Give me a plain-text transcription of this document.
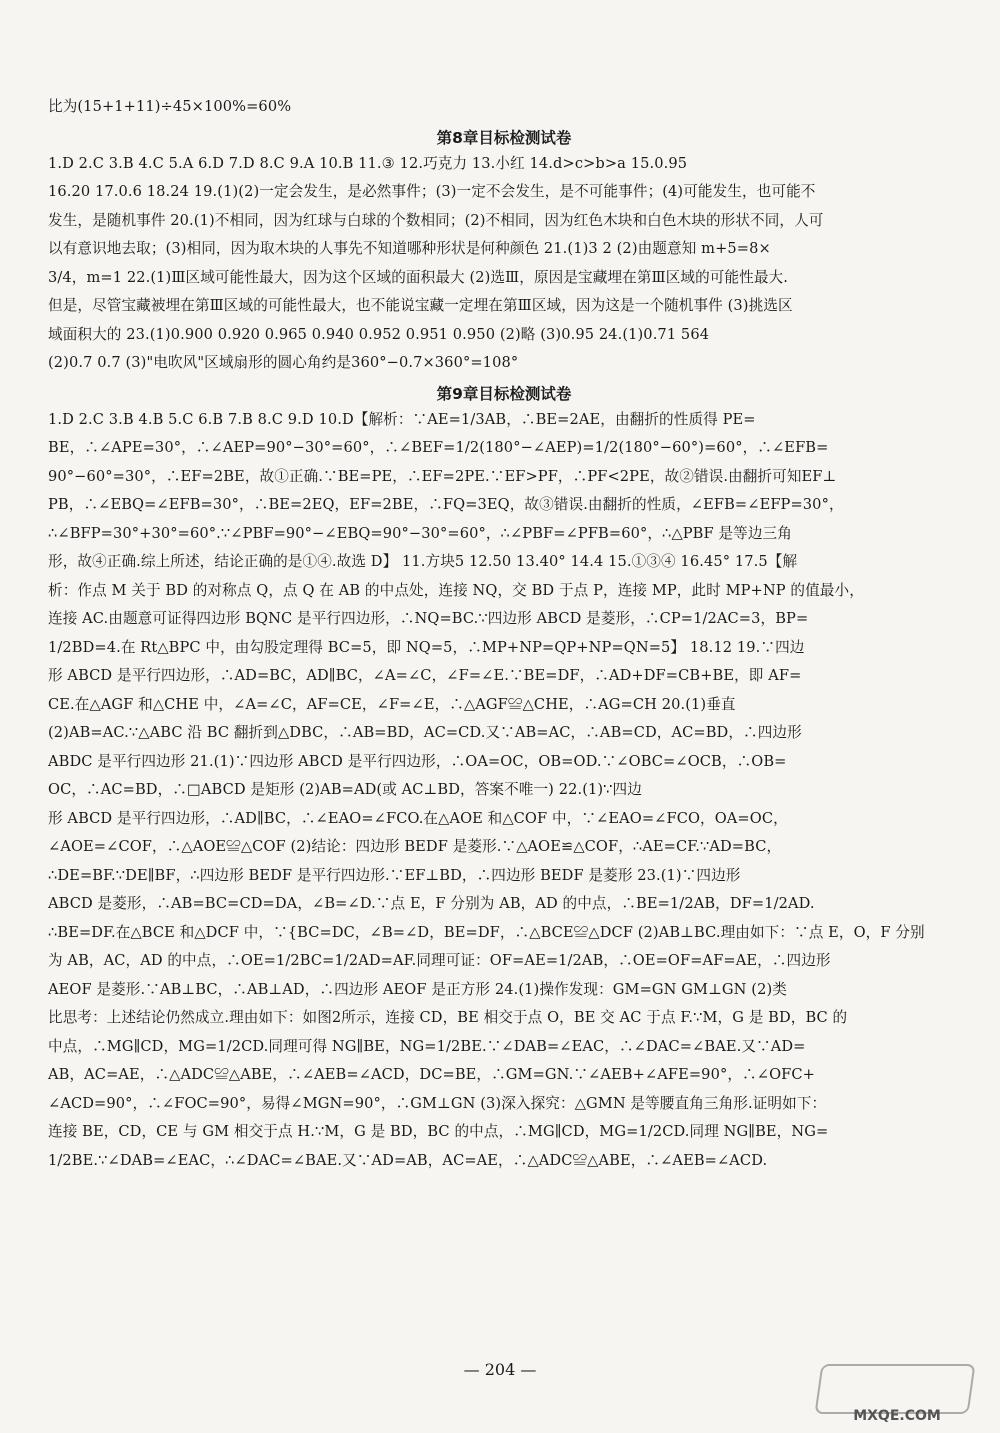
比为(15+1+11)÷45×100%=60%
第8章目标检测试卷
1.D 2.C 3.B 4.C 5.A 6.D 7.D 8.C 9.A 10.B 11.③ 12.巧克力 13.小红 14.d>c>b>a 15.0.95
16.20 17.0.6 18.24 19.(1)(2)一定会发生，是必然事件；(3)一定不会发生，是不可能事件；(4)可能发生，也可能不
发生，是随机事件 20.(1)不相同，因为红球与白球的个数相同；(2)不相同，因为红色木块和白色木块的形状不同，人可
以有意识地去取；(3)相同，因为取木块的人事先不知道哪种形状是何种颜色 21.(1)3 2 (2)由题意知 m+5=8×
3/4，m=1 22.(1)Ⅲ区域可能性最大，因为这个区域的面积最大 (2)选Ⅲ，原因是宝藏埋在第Ⅲ区域的可能性最大.
但是，尽管宝藏被埋在第Ⅲ区域的可能性最大，也不能说宝藏一定埋在第Ⅲ区域，因为这是一个随机事件 (3)挑选区
域面积大的 23.(1)0.900 0.920 0.965 0.940 0.952 0.951 0.950 (2)略 (3)0.95 24.(1)0.71 564
(2)0.7 0.7 (3)"电吹风"区域扇形的圆心角约是360°−0.7×360°=108°
第9章目标检测试卷
1.D 2.C 3.B 4.B 5.C 6.B 7.B 8.C 9.D 10.D【解析：∵AE=1/3AB，∴BE=2AE，由翻折的性质得 PE=
BE，∴∠APE=30°，∴∠AEP=90°−30°=60°，∴∠BEF=1/2(180°−∠AEP)=1/2(180°−60°)=60°，∴∠EFB=
90°−60°=30°，∴EF=2BE，故①正确.∵BE=PE，∴EF=2PE.∵EF>PF，∴PF<2PE，故②错误.由翻折可知EF⊥
PB，∴∠EBQ=∠EFB=30°，∴BE=2EQ，EF=2BE，∴FQ=3EQ，故③错误.由翻折的性质，∠EFB=∠EFP=30°，
∴∠BFP=30°+30°=60°.∵∠PBF=90°−∠EBQ=90°−30°=60°，∴∠PBF=∠PFB=60°，∴△PBF 是等边三角
形，故④正确.综上所述，结论正确的是①④.故选 D】 11.方块5 12.50 13.40° 14.4 15.①③④ 16.45° 17.5【解
析：作点 M 关于 BD 的对称点 Q，点 Q 在 AB 的中点处，连接 NQ，交 BD 于点 P，连接 MP，此时 MP+NP 的值最小，
连接 AC.由题意可证得四边形 BQNC 是平行四边形，∴NQ=BC.∵四边形 ABCD 是菱形，∴CP=1/2AC=3，BP=
1/2BD=4.在 Rt△BPC 中，由勾股定理得 BC=5，即 NQ=5，∴MP+NP=QP+NP=QN=5】 18.12 19.∵四边
形 ABCD 是平行四边形，∴AD=BC，AD∥BC，∠A=∠C，∠F=∠E.∵BE=DF，∴AD+DF=CB+BE，即 AF=
CE.在△AGF 和△CHE 中，∠A=∠C，AF=CE，∠F=∠E，∴△AGF≌△CHE，∴AG=CH 20.(1)垂直
(2)AB=AC.∵△ABC 沿 BC 翻折到△DBC，∴AB=BD，AC=CD.又∵AB=AC，∴AB=CD，AC=BD，∴四边形
ABDC 是平行四边形 21.(1)∵四边形 ABCD 是平行四边形，∴OA=OC，OB=OD.∵∠OBC=∠OCB，∴OB=
OC，∴AC=BD，∴□ABCD 是矩形 (2)AB=AD(或 AC⊥BD，答案不唯一) 22.(1)∵四边
形 ABCD 是平行四边形，∴AD∥BC，∴∠EAO=∠FCO.在△AOE 和△COF 中，∵∠EAO=∠FCO，OA=OC，
∠AOE=∠COF，∴△AOE≌△COF (2)结论：四边形 BEDF 是菱形.∵△AOE≌△COF，∴AE=CF.∵AD=BC，
∴DE=BF.∵DE∥BF，∴四边形 BEDF 是平行四边形.∵EF⊥BD，∴四边形 BEDF 是菱形 23.(1)∵四边形
ABCD 是菱形，∴AB=BC=CD=DA，∠B=∠D.∵点 E，F 分别为 AB，AD 的中点，∴BE=1/2AB，DF=1/2AD.
∴BE=DF.在△BCE 和△DCF 中，∵{BC=DC，∠B=∠D，BE=DF，∴△BCE≌△DCF (2)AB⊥BC.理由如下：∵点 E，O，F 分别
为 AB，AC，AD 的中点，∴OE=1/2BC=1/2AD=AF.同理可证：OF=AE=1/2AB，∴OE=OF=AF=AE，∴四边形
AEOF 是菱形.∵AB⊥BC，∴AB⊥AD，∴四边形 AEOF 是正方形 24.(1)操作发现：GM=GN GM⊥GN (2)类
比思考：上述结论仍然成立.理由如下：如图2所示，连接 CD，BE 相交于点 O，BE 交 AC 于点 F.∵M，G 是 BD，BC 的
中点，∴MG∥CD，MG=1/2CD.同理可得 NG∥BE，NG=1/2BE.∵∠DAB=∠EAC，∴∠DAC=∠BAE.又∵AD=
AB，AC=AE，∴△ADC≌△ABE，∴∠AEB=∠ACD，DC=BE，∴GM=GN.∵∠AEB+∠AFE=90°，∴∠OFC+
∠ACD=90°，∴∠FOC=90°，易得∠MGN=90°，∴GM⊥GN (3)深入探究：△GMN 是等腰直角三角形.证明如下：
连接 BE，CD，CE 与 GM 相交于点 H.∵M，G 是 BD，BC 的中点，∴MG∥CD，MG=1/2CD.同理 NG∥BE，NG=
1/2BE.∵∠DAB=∠EAC，∴∠DAC=∠BAE.又∵AD=AB，AC=AE，∴△ADC≌△ABE，∴∠AEB=∠ACD.
— 204 —
MXQE.COM
